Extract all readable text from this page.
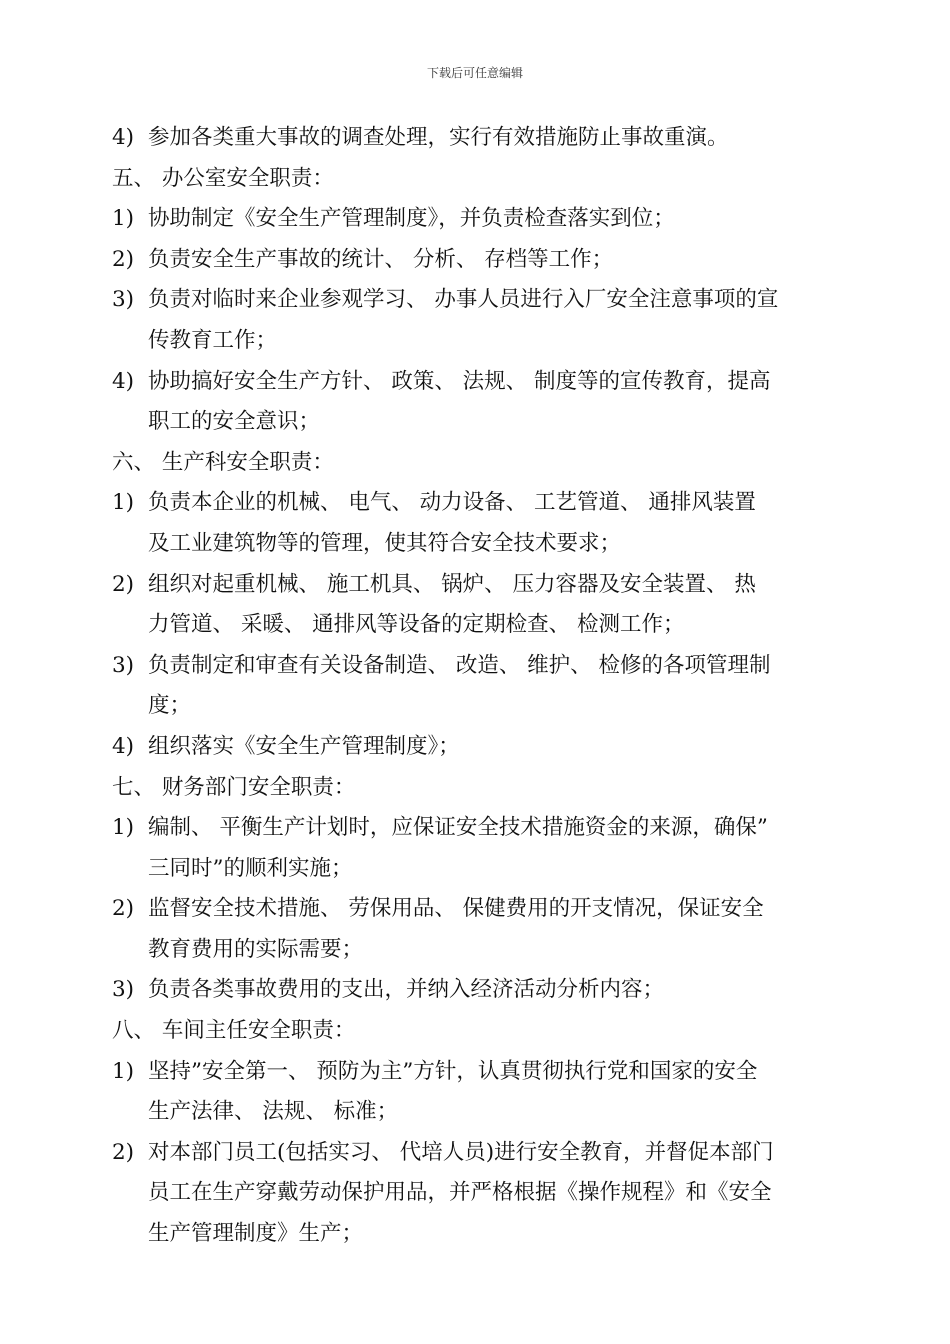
下载后可任意编辑
4) 参加各类重大事故的调查处理，实行有效措施防止事故重演。
五、 办公室安全职责：
1) 协助制定《安全生产管理制度》，并负责检查落实到位；
2) 负责安全生产事故的统计、 分析、 存档等工作；
3) 负责对临时来企业参观学习、 办事人员进行入厂安全注意事项的宣
传教育工作；
4) 协助搞好安全生产方针、 政策、 法规、 制度等的宣传教育，提高
职工的安全意识；
六、 生产科安全职责：
1) 负责本企业的机械、 电气、 动力设备、 工艺管道、 通排风装置
及工业建筑物等的管理，使其符合安全技术要求；
2) 组织对起重机械、 施工机具、 锅炉、 压力容器及安全装置、 热
力管道、 采暖、 通排风等设备的定期检查、 检测工作；
3) 负责制定和审查有关设备制造、 改造、 维护、 检修的各项管理制
度；
4) 组织落实《安全生产管理制度》；
七、 财务部门安全职责：
1) 编制、 平衡生产计划时，应保证安全技术措施资金的来源，确保”
三同时”的顺利实施；
2) 监督安全技术措施、 劳保用品、 保健费用的开支情况，保证安全
教育费用的实际需要；
3) 负责各类事故费用的支出，并纳入经济活动分析内容；
八、 车间主任安全职责：
1) 坚持”安全第一、 预防为主”方针，认真贯彻执行党和国家的安全
生产法律、 法规、 标准；
2) 对本部门员工(包括实习、 代培人员)进行安全教育，并督促本部门
员工在生产穿戴劳动保护用品，并严格根据《操作规程》和《安全
生产管理制度》生产；
